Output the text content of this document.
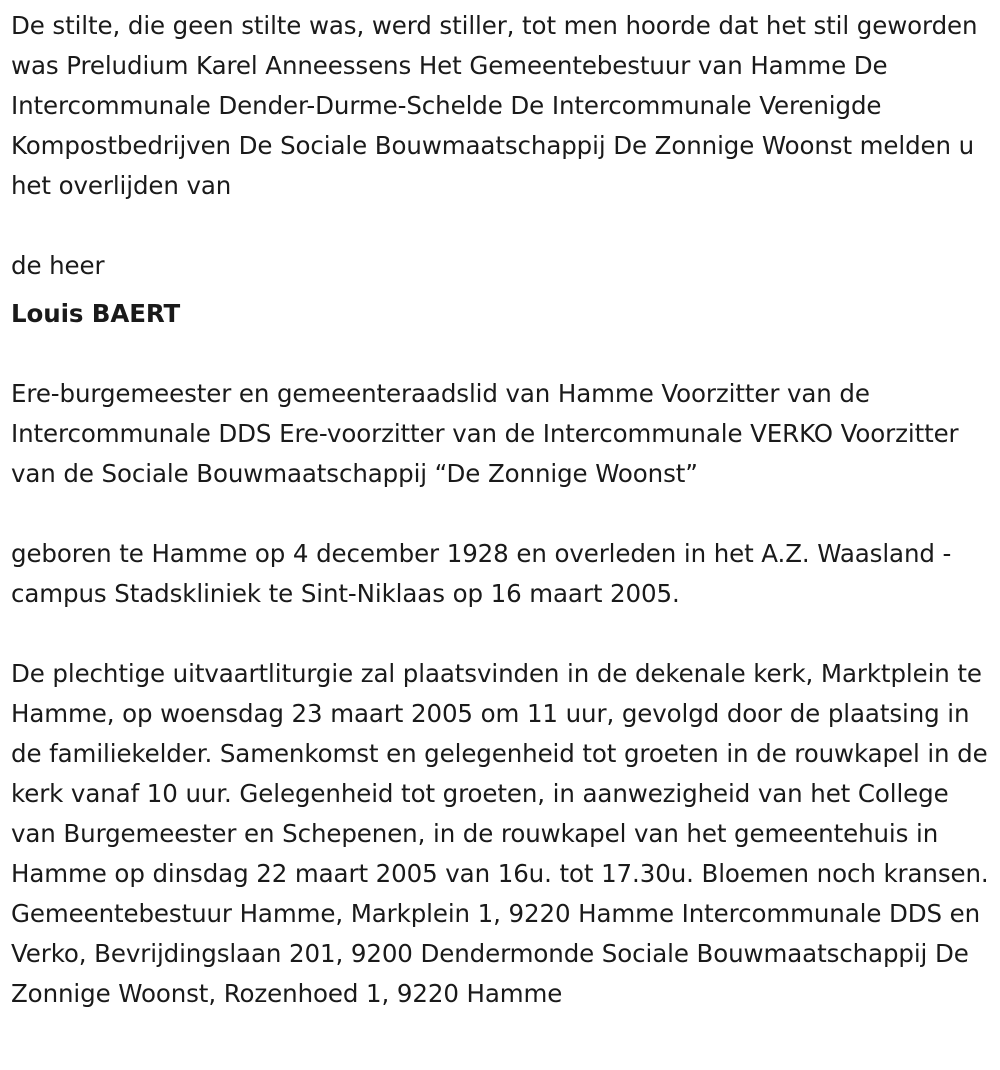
De stilte, die geen stilte was, werd stiller, tot men hoorde dat het stil geworden was Preludium Karel Anneessens Het Gemeentebestuur van Hamme De Intercommunale Dender-Durme-Schelde De Intercommunale Verenigde Kompostbedrijven De Sociale Bouwmaatschappij De Zonnige Woonst melden u het overlijden van

de heer

Louis BAERT

Ere-burgemeester en gemeenteraadslid van Hamme Voorzitter van de Intercommunale DDS Ere-voorzitter van de Intercommunale VERKO Voorzitter van de Sociale Bouwmaatschappij “De Zonnige Woonst”

geboren te Hamme op 4 december 1928 en overleden in het A.Z. Waasland - campus Stadskliniek te Sint-Niklaas op 16 maart 2005.

De plechtige uitvaartliturgie zal plaatsvinden in de dekenale kerk, Marktplein te Hamme, op woensdag 23 maart 2005 om 11 uur, gevolgd door de plaatsing in de familiekelder. Samenkomst en gelegenheid tot groeten in de rouwkapel in de kerk vanaf 10 uur. Gelegenheid tot groeten, in aanwezigheid van het College van Burgemeester en Schepenen, in de rouwkapel van het gemeentehuis in Hamme op dinsdag 22 maart 2005 van 16u. tot 17.30u. Bloemen noch kransen. Gemeentebestuur Hamme, Markplein 1, 9220 Hamme Intercommunale DDS en Verko, Bevrijdingslaan 201, 9200 Dendermonde Sociale Bouwmaatschappij De Zonnige Woonst, Rozenhoed 1, 9220 Hamme
